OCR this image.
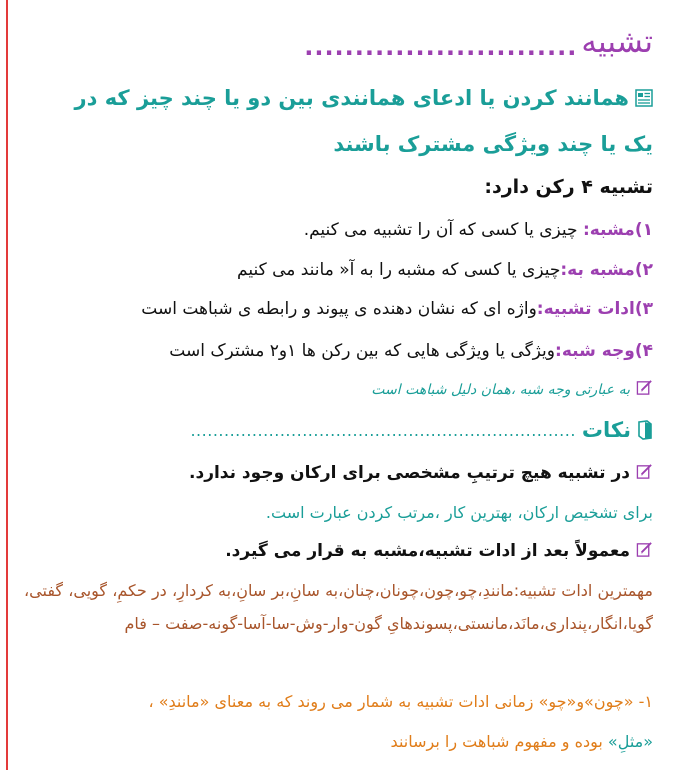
تشبیه
...........................
همانند کردن یا ادعای همانندی بین دو یا چند چیز که در
یک یا چند ویژگی مشترک باشند
تشبیه ۴ رکن دارد:
۱)مشبه: چیزی یا کسی که آن را تشبیه می کنیم.
۲)مشبه به:چیزی یا کسی که مشبه را به آ« مانند می کنیم
۳)ادات تشبیه:واژه ای که نشان دهنده ی پیوند و رابطه ی شباهت است
۴)وجه شبه:ویژگی یا ویژگی هایی که بین رکن ها ۱و۲ مشترک است
به عبارتی وجه شبه ،همان دلیل شباهت است
نکات
.....................................................................
در تشبیه هیچ ترتیبِ مشخصی برای ارکان وجود ندارد.
برای تشخیص ارکان، بهترین کار ،مرتب کردن عبارت است.
معمولاً بعد از ادات تشبیه،مشبه به قرار می گیرد.
مهمترین ادات تشبیه:مانندِ،چو،چون،چونان،چنان،به سانِ،بر سانِ،به کردارِ، در حکمِ، گویی، گفتی، گویا،انگار،پنداری،مانَد،مانستی،پسوندهایِ گون-وار-وش-سا-آسا-گونه-صفت – فام
۱- «چون»و«چو» زمانی ادات تشبیه به شمار می روند که به معنای «مانندِ» ،
«مثلِ» بوده و مفهوم شباهت را برسانند
